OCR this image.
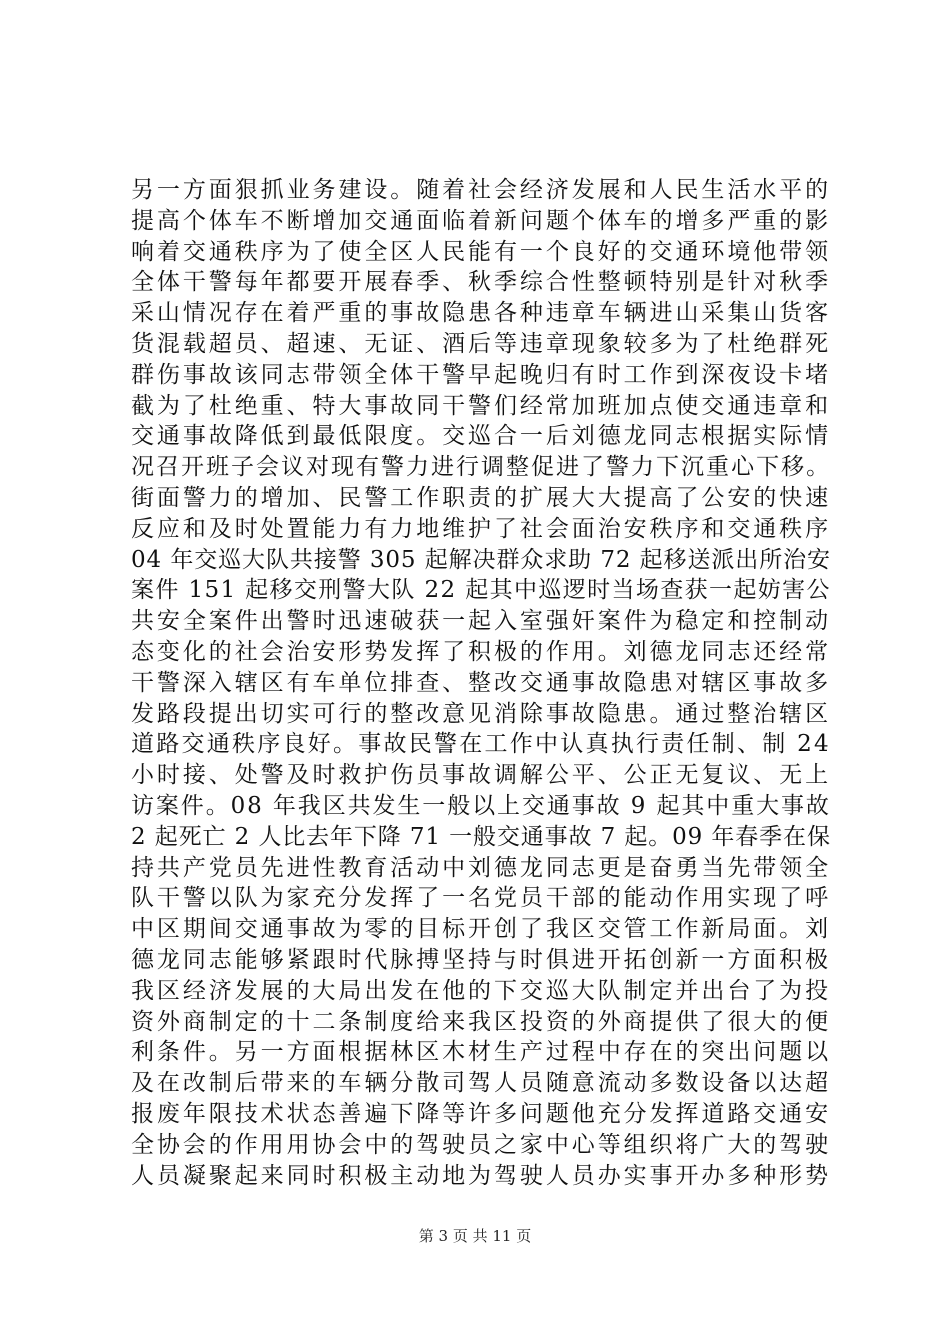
另一方面狠抓业务建设。随着社会经济发展和人民生活水平的
提高个体车不断增加交通面临着新问题个体车的增多严重的影
响着交通秩序为了使全区人民能有一个良好的交通环境他带领
全体干警每年都要开展春季、秋季综合性整顿特别是针对秋季
采山情况存在着严重的事故隐患各种违章车辆进山采集山货客
货混载超员、超速、无证、酒后等违章现象较多为了杜绝群死
群伤事故该同志带领全体干警早起晚归有时工作到深夜设卡堵
截为了杜绝重、特大事故同干警们经常加班加点使交通违章和
交通事故降低到最低限度。交巡合一后刘德龙同志根据实际情
况召开班子会议对现有警力进行调整促进了警力下沉重心下移。
街面警力的增加、民警工作职责的扩展大大提高了公安的快速
反应和及时处置能力有力地维护了社会面治安秩序和交通秩序
04 年交巡大队共接警 305 起解决群众求助 72 起移送派出所治安
案件 151 起移交刑警大队 22 起其中巡逻时当场查获一起妨害公
共安全案件出警时迅速破获一起入室强奸案件为稳定和控制动
态变化的社会治安形势发挥了积极的作用。刘德龙同志还经常
干警深入辖区有车单位排查、整改交通事故隐患对辖区事故多
发路段提出切实可行的整改意见消除事故隐患。通过整治辖区
道路交通秩序良好。事故民警在工作中认真执行责任制、制 24
小时接、处警及时救护伤员事故调解公平、公正无复议、无上
访案件。08 年我区共发生一般以上交通事故 9 起其中重大事故
2 起死亡 2 人比去年下降 71 一般交通事故 7 起。09 年春季在保
持共产党员先进性教育活动中刘德龙同志更是奋勇当先带领全
队干警以队为家充分发挥了一名党员干部的能动作用实现了呼
中区期间交通事故为零的目标开创了我区交管工作新局面。刘
德龙同志能够紧跟时代脉搏坚持与时俱进开拓创新一方面积极
我区经济发展的大局出发在他的下交巡大队制定并出台了为投
资外商制定的十二条制度给来我区投资的外商提供了很大的便
利条件。另一方面根据林区木材生产过程中存在的突出问题以
及在改制后带来的车辆分散司驾人员随意流动多数设备以达超
报废年限技术状态善遍下降等许多问题他充分发挥道路交通安
全协会的作用用协会中的驾驶员之家中心等组织将广大的驾驶
人员凝聚起来同时积极主动地为驾驶人员办实事开办多种形势
第 3 页 共 11 页
